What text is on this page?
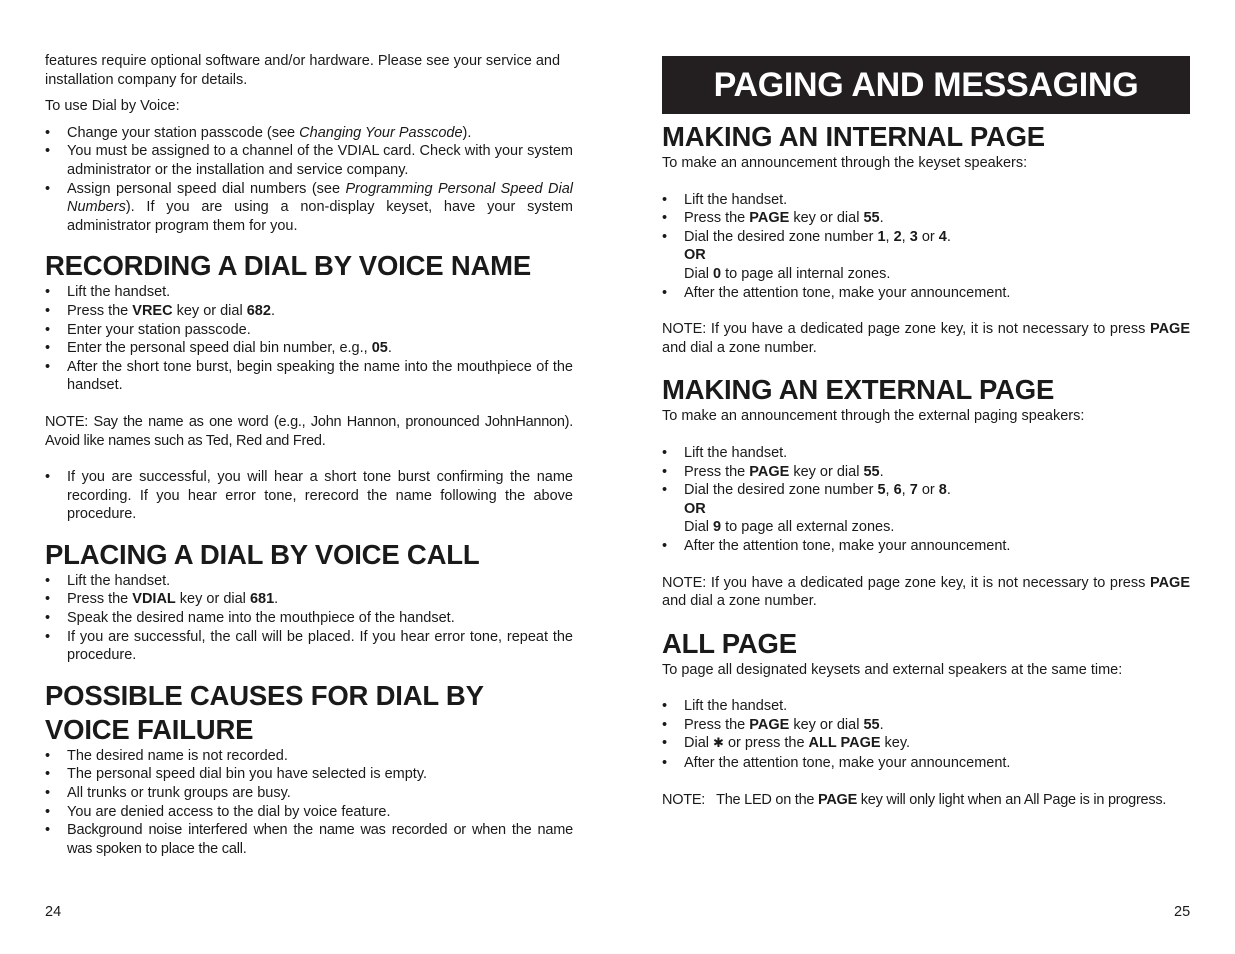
features require optional software and/or hardware. Please see your service and installation company for details.

To use Dial by Voice:

• Change your station passcode (see Changing Your Passcode).
• You must be assigned to a channel of the VDIAL card. Check with your system administrator or the installation and service company.
• Assign personal speed dial numbers (see Programming Personal Speed Dial Numbers). If you are using a non-display keyset, have your system administrator program them for you.
RECORDING A DIAL BY VOICE NAME
• Lift the handset.
• Press the VREC key or dial 682.
• Enter your station passcode.
• Enter the personal speed dial bin number, e.g., 05.
• After the short tone burst, begin speaking the name into the mouthpiece of the handset.

NOTE: Say the name as one word (e.g., John Hannon, pronounced JohnHannon). Avoid like names such as Ted, Red and Fred.

• If you are successful, you will hear a short tone burst confirming the name recording. If you hear error tone, rerecord the name following the above procedure.
PLACING A DIAL BY VOICE CALL
• Lift the handset.
• Press the VDIAL key or dial 681.
• Speak the desired name into the mouthpiece of the handset.
• If you are successful, the call will be placed. If you hear error tone, repeat the procedure.
POSSIBLE CAUSES FOR DIAL BY VOICE FAILURE
• The desired name is not recorded.
• The personal speed dial bin you have selected is empty.
• All trunks or trunk groups are busy.
• You are denied access to the dial by voice feature.
• Background noise interfered when the name was recorded or when the name was spoken to place the call.
24
PAGING AND MESSAGING
MAKING AN INTERNAL PAGE

To make an announcement through the keyset speakers:

• Lift the handset.
• Press the PAGE key or dial 55.
• Dial the desired zone number 1, 2, 3 or 4.
OR
Dial 0 to page all internal zones.
• After the attention tone, make your announcement.

NOTE: If you have a dedicated page zone key, it is not necessary to press PAGE and dial a zone number.

MAKING AN EXTERNAL PAGE

To make an announcement through the external paging speakers:

• Lift the handset.
• Press the PAGE key or dial 55.
• Dial the desired zone number 5, 6, 7 or 8.
OR
Dial 9 to page all external zones.
• After the attention tone, make your announcement.

NOTE: If you have a dedicated page zone key, it is not necessary to press PAGE and dial a zone number.

ALL PAGE

To page all designated keysets and external speakers at the same time:

• Lift the handset.
• Press the PAGE key or dial 55.
• Dial ✱ or press the ALL PAGE key.
• After the attention tone, make your announcement.

NOTE:   The LED on the PAGE key will only light when an All Page is in progress.

25
